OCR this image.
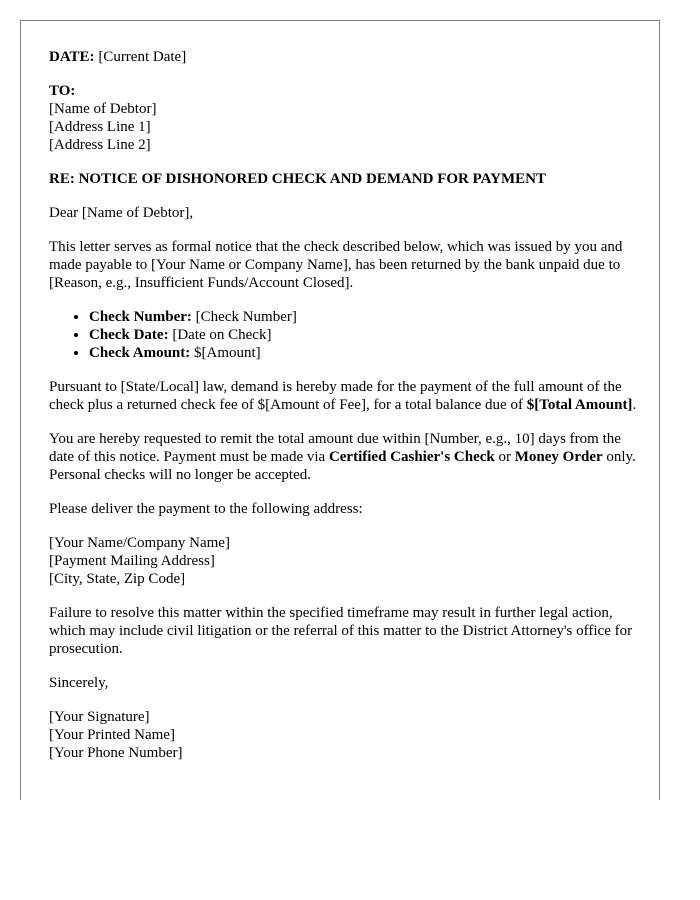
DATE: [Current Date]

TO:
[Name of Debtor]
[Address Line 1]
[Address Line 2]

RE: NOTICE OF DISHONORED CHECK AND DEMAND FOR PAYMENT

Dear [Name of Debtor],

This letter serves as formal notice that the check described below, which was issued by you and made payable to [Your Name or Company Name], has been returned by the bank unpaid due to [Reason, e.g., Insufficient Funds/Account Closed].

• Check Number: [Check Number]
• Check Date: [Date on Check]
• Check Amount: $[Amount]

Pursuant to [State/Local] law, demand is hereby made for the payment of the full amount of the check plus a returned check fee of $[Amount of Fee], for a total balance due of $[Total Amount].

You are hereby requested to remit the total amount due within [Number, e.g., 10] days from the date of this notice. Payment must be made via Certified Cashier's Check or Money Order only. Personal checks will no longer be accepted.

Please deliver the payment to the following address:

[Your Name/Company Name]
[Payment Mailing Address]
[City, State, Zip Code]

Failure to resolve this matter within the specified timeframe may result in further legal action, which may include civil litigation or the referral of this matter to the District Attorney's office for prosecution.

Sincerely,

[Your Signature]
[Your Printed Name]
[Your Phone Number]
